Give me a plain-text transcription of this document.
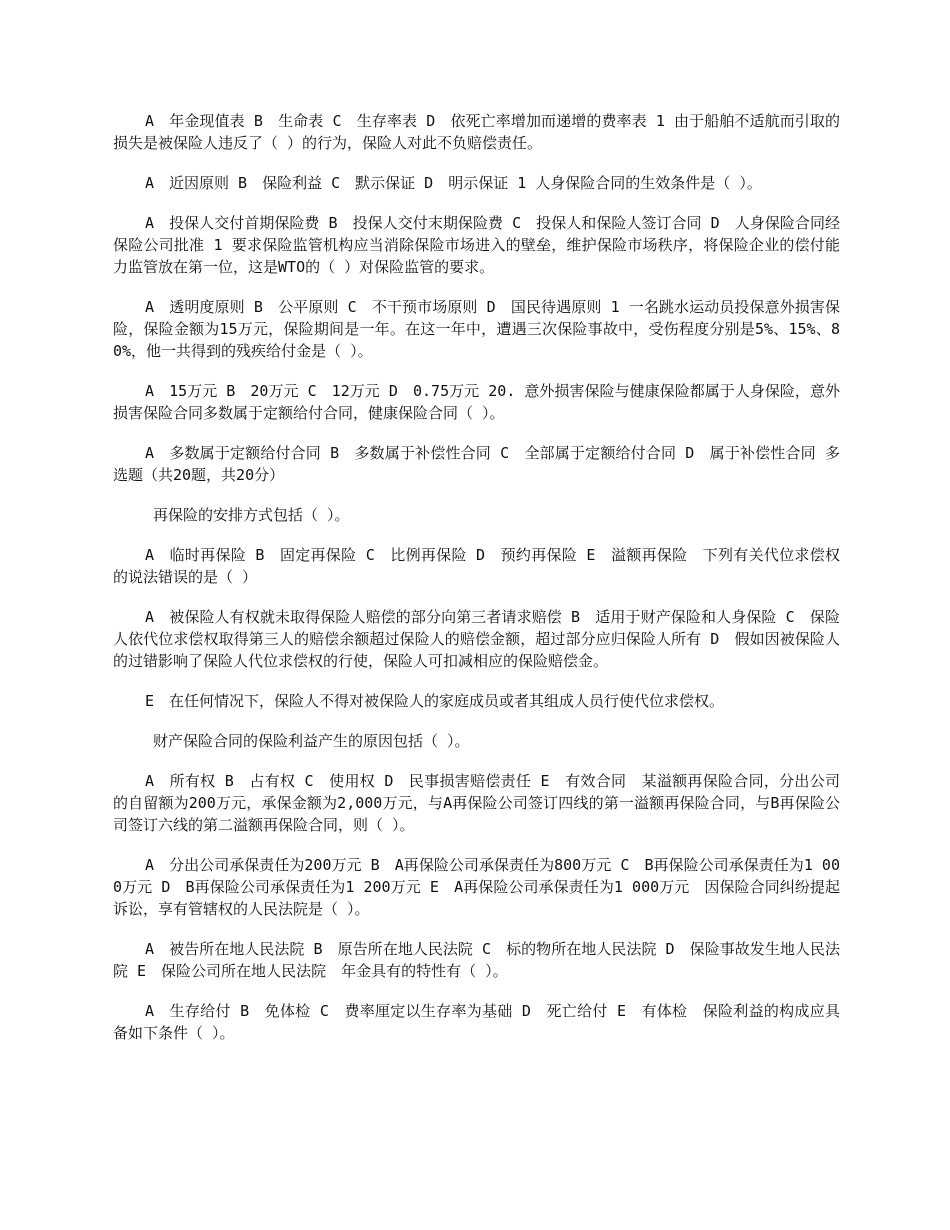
A　年金现值表 B　生命表 C　生存率表 D　依死亡率增加而递增的费率表 1 由于船舶不适航而引取的损失是被保险人违反了（ ）的行为，保险人对此不负赔偿责任。

A　近因原则 B　保险利益 C　默示保证 D　明示保证 1 人身保险合同的生效条件是（ ）。

A　投保人交付首期保险费 B　投保人交付末期保险费 C　投保人和保险人签订合同 D　人身保险合同经保险公司批准 1 要求保险监管机构应当消除保险市场进入的壁垒，维护保险市场秩序，将保险企业的偿付能力监管放在第一位，这是WTO的（ ）对保险监管的要求。

A　透明度原则 B　公平原则 C　不干预市场原则 D　国民待遇原则 1 一名跳水运动员投保意外损害保险，保险金额为15万元，保险期间是一年。在这一年中，遭遇三次保险事故中，受伤程度分别是5%、15%、80%，他一共得到的残疾给付金是（ ）。

A　15万元 B　20万元 C　12万元 D　0.75万元 20. 意外损害保险与健康保险都属于人身保险，意外损害保险合同多数属于定额给付合同，健康保险合同（ ）。

A　多数属于定额给付合同 B　多数属于补偿性合同 C　全部属于定额给付合同 D　属于补偿性合同 多选题（共20题，共20分）

再保险的安排方式包括（ ）。

A　临时再保险 B　固定再保险 C　比例再保险 D　预约再保险 E　溢额再保险　下列有关代位求偿权的说法错误的是（ ）

A　被保险人有权就未取得保险人赔偿的部分向第三者请求赔偿 B　适用于财产保险和人身保险 C　保险人依代位求偿权取得第三人的赔偿余额超过保险人的赔偿金额，超过部分应归保险人所有 D　假如因被保险人的过错影响了保险人代位求偿权的行使，保险人可扣减相应的保险赔偿金。

E　在任何情况下，保险人不得对被保险人的家庭成员或者其组成人员行使代位求偿权。

财产保险合同的保险利益产生的原因包括（ ）。

A　所有权 B　占有权 C　使用权 D　民事损害赔偿责任 E　有效合同　某溢额再保险合同，分出公司的自留额为200万元，承保金额为2,000万元，与A再保险公司签订四线的第一溢额再保险合同，与B再保险公司签订六线的第二溢额再保险合同，则（ ）。

A　分出公司承保责任为200万元 B　A再保险公司承保责任为800万元 C　B再保险公司承保责任为1 000万元 D　B再保险公司承保责任为1 200万元 E　A再保险公司承保责任为1 000万元　因保险合同纠纷提起诉讼，享有管辖权的人民法院是（ ）。

A　被告所在地人民法院 B　原告所在地人民法院 C　标的物所在地人民法院 D　保险事故发生地人民法院 E　保险公司所在地人民法院　年金具有的特性有（ ）。

A　生存给付 B　免体检 C　费率厘定以生存率为基础 D　死亡给付 E　有体检　保险利益的构成应具备如下条件（ ）。
